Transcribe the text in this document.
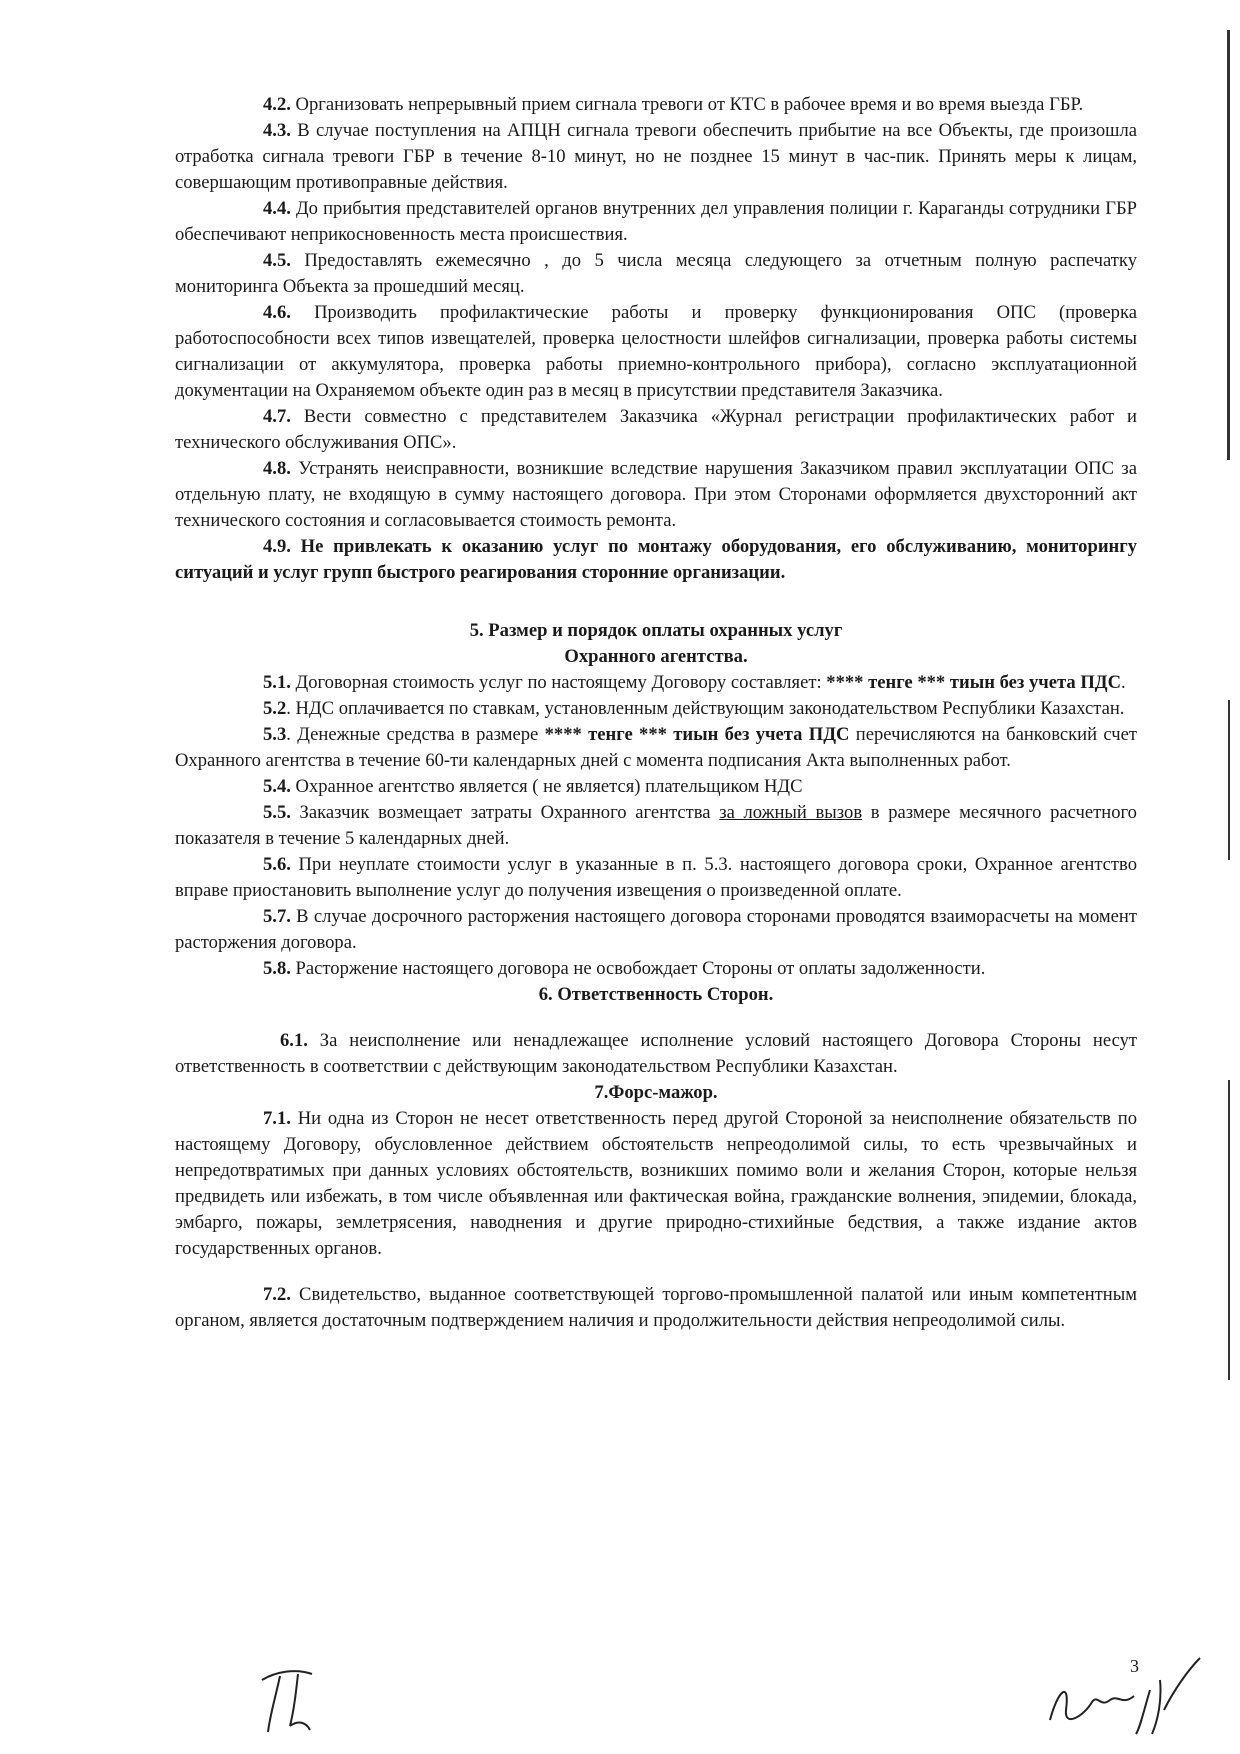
4.2. Организовать непрерывный прием сигнала тревоги от КТС в рабочее время и во время выезда ГБР.

4.3. В случае поступления на АПЦН сигнала тревоги обеспечить прибытие на все Объекты, где произошла отработка сигнала тревоги ГБР в течение 8-10 минут, но не позднее 15 минут в час-пик. Принять меры к лицам, совершающим противоправные действия.

4.4. До прибытия представителей органов внутренних дел управления полиции г. Караганды сотрудники ГБР обеспечивают неприкосновенность места происшествия.

4.5. Предоставлять ежемесячно , до 5 числа месяца следующего за отчетным полную распечатку мониторинга Объекта за прошедший месяц.

4.6. Производить профилактические работы и проверку функционирования ОПС (проверка работоспособности всех типов извещателей, проверка целостности шлейфов сигнализации, проверка работы системы сигнализации от аккумулятора, проверка работы приемно-контрольного прибора), согласно эксплуатационной документации на Охраняемом объекте один раз в месяц в присутствии представителя Заказчика.

4.7. Вести совместно с представителем Заказчика «Журнал регистрации профилактических работ и технического обслуживания ОПС».

4.8. Устранять неисправности, возникшие вследствие нарушения Заказчиком правил эксплуатации ОПС за отдельную плату, не входящую в сумму настоящего договора. При этом Сторонами оформляется двухсторонний акт технического состояния и согласовывается стоимость ремонта.

4.9. Не привлекать к оказанию услуг по монтажу оборудования, его обслуживанию, мониторингу ситуаций и услуг групп быстрого реагирования сторонние организации.

5. Размер и порядок оплаты охранных услуг

Охранного агентства.

5.1. Договорная стоимость услуг по настоящему Договору составляет: **** тенге *** тиын без учета ПДС.

5.2. НДС оплачивается по ставкам, установленным действующим законодательством Республики Казахстан.

5.3. Денежные средства в размере **** тенге *** тиын без учета ПДС перечисляются на банковский счет Охранного агентства в течение 60-ти календарных дней с момента подписания Акта выполненных работ.

5.4. Охранное агентство является ( не является) плательщиком НДС

5.5. Заказчик возмещает затраты Охранного агентства за ложный вызов в размере месячного расчетного показателя в течение 5 календарных дней.

5.6. При неуплате стоимости услуг в указанные в п. 5.3. настоящего договора сроки, Охранное агентство вправе приостановить выполнение услуг до получения извещения о произведенной оплате.

5.7. В случае досрочного расторжения настоящего договора сторонами проводятся взаиморасчеты на момент расторжения договора.

5.8. Расторжение настоящего договора не освобождает Стороны от оплаты задолженности.

6. Ответственность Сторон.

6.1. За неисполнение или ненадлежащее исполнение условий настоящего Договора Стороны несут ответственность в соответствии с действующим законодательством Республики Казахстан.

7.Форс-мажор.

7.1. Ни одна из Сторон не несет ответственность перед другой Стороной за неисполнение обязательств по настоящему Договору, обусловленное действием обстоятельств непреодолимой силы, то есть чрезвычайных и непредотвратимых при данных условиях обстоятельств, возникших помимо воли и желания Сторон, которые нельзя предвидеть или избежать, в том числе объявленная или фактическая война, гражданские волнения, эпидемии, блокада, эмбарго, пожары, землетрясения, наводнения и другие природно-стихийные бедствия, а также издание актов государственных органов.

7.2. Свидетельство, выданное соответствующей торгово-промышленной палатой или иным компетентным органом, является достаточным подтверждением наличия и продолжительности действия непреодолимой силы.

3
